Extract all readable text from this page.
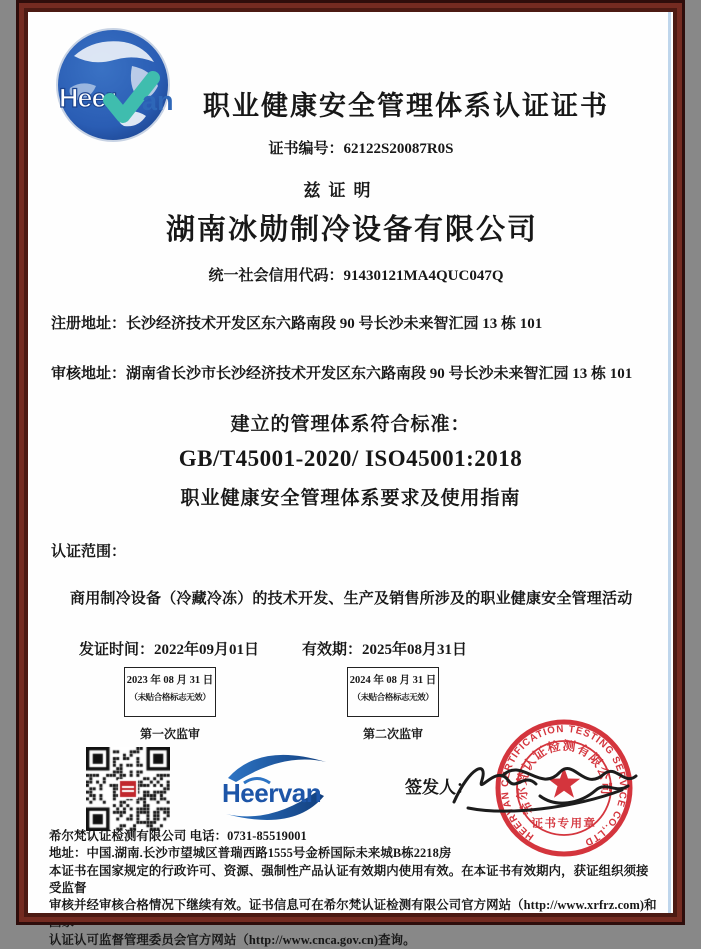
Heer an	职业健康安全管理体系认证证书
证书编号：62122S20087R0S
兹证明
湖南冰勋制冷设备有限公司
统一社会信用代码：91430121MA4QUC047Q
注册地址：长沙经济技术开发区东六路南段 90 号长沙未来智汇园 13 栋 101
审核地址：湖南省长沙市长沙经济技术开发区东六路南段 90 号长沙未来智汇园 13 栋 101
建立的管理体系符合标准：
GB/T45001-2020/ ISO45001:2018
职业健康安全管理体系要求及使用指南
认证范围：
商用制冷设备（冷藏冷冻）的技术开发、生产及销售所涉及的职业健康安全管理活动
发证时间：2022年09月01日	有效期：2025年08月31日
2023 年 08 月 31 日
（未贴合格标志无效）
2024 年 08 月 31 日
（未贴合格标志无效）
第一次监审	第二次监审
Heervan	签发人：
HEERVAN CERTIFICATION TESTING SERVICE CO.,LTD
希尔梵认证检测有限公司
证书专用章
希尔梵认证检测有限公司 电话：0731-85519001
地址：中国.湖南.长沙市望城区普瑞西路1555号金桥国际未来城B栋2218房
本证书在国家规定的行政许可、资源、强制性产品认证有效期内使用有效。在本证书有效期内，获证组织须接受监督
审核并经审核合格情况下继续有效。证书信息可在希尔梵认证检测有限公司官方网站（http://www.xrfrz.com)和国家
认证认可监督管理委员会官方网站（http://www.cnca.gov.cn)查询。
